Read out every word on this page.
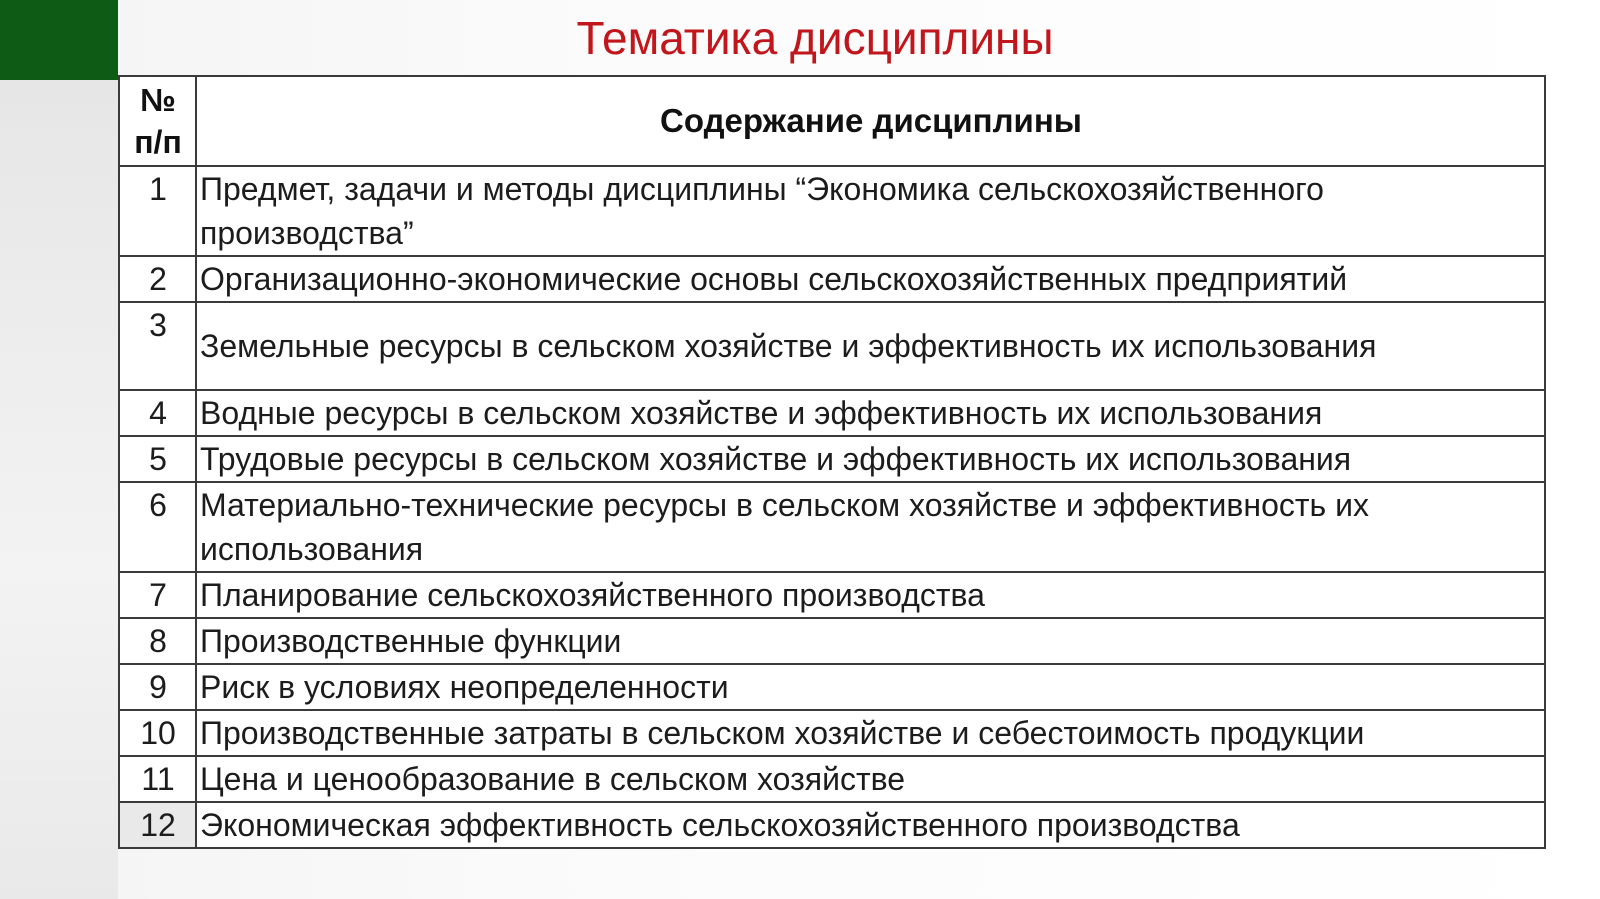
Тематика дисциплины
№ п/п	Содержание дисциплины
1	Предмет, задачи и методы дисциплины “Экономика сельскохозяйственного производства”
2	Организационно-экономические основы сельскохозяйственных предприятий
3	Земельные ресурсы в сельском хозяйстве и эффективность их использования
4	Водные ресурсы в сельском хозяйстве и эффективность их использования
5	Трудовые ресурсы в сельском хозяйстве и эффективность их использования
6	Материально-технические ресурсы в сельском хозяйстве и эффективность их использования
7	Планирование сельскохозяйственного производства
8	Производственные функции
9	Риск в условиях неопределенности
10	Производственные затраты в сельском хозяйстве и себестоимость продукции
11	Цена и ценообразование в сельском хозяйстве
12	Экономическая эффективность сельскохозяйственного производства
